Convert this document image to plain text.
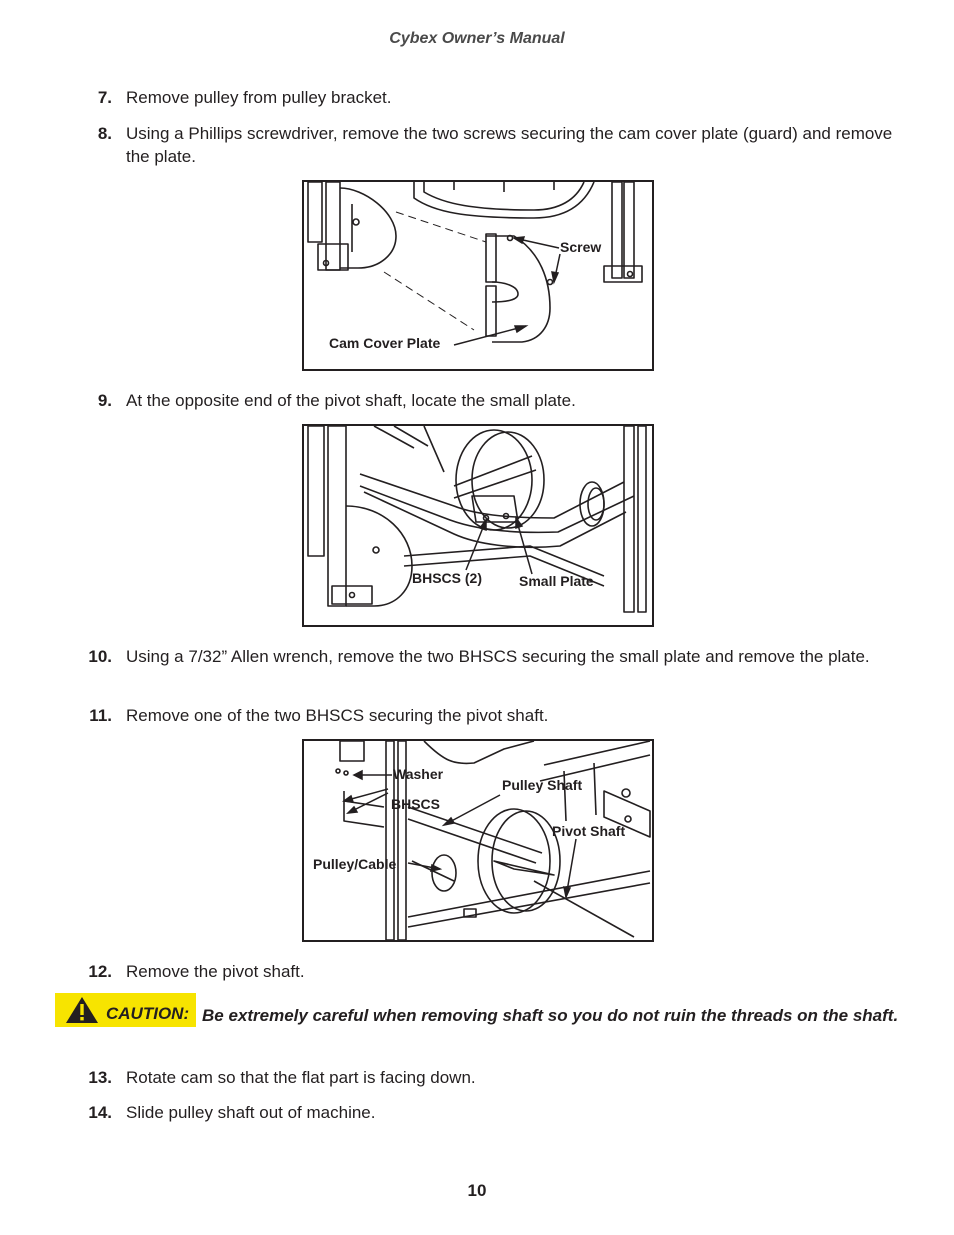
Cybex Owner’s Manual
7. Remove pulley from pulley bracket.
8. Using a Phillips screwdriver, remove the two screws securing the cam cover plate (guard) and remove the plate.
Screw
Cam Cover Plate
9. At the opposite end of the pivot shaft, locate the small plate.
BHSCS (2)	Small Plate
10. Using a 7/32” Allen wrench, remove the two BHSCS securing the small plate and remove the plate.
11. Remove one of the two BHSCS securing the pivot shaft.
Washer
BHSCS
Pulley Shaft
Pivot Shaft
Pulley/Cable
12. Remove the pivot shaft.
CAUTION: Be extremely careful when removing shaft so you do not ruin the threads on the shaft.
13. Rotate cam so that the flat part is facing down.
14. Slide pulley shaft out of machine.
10
